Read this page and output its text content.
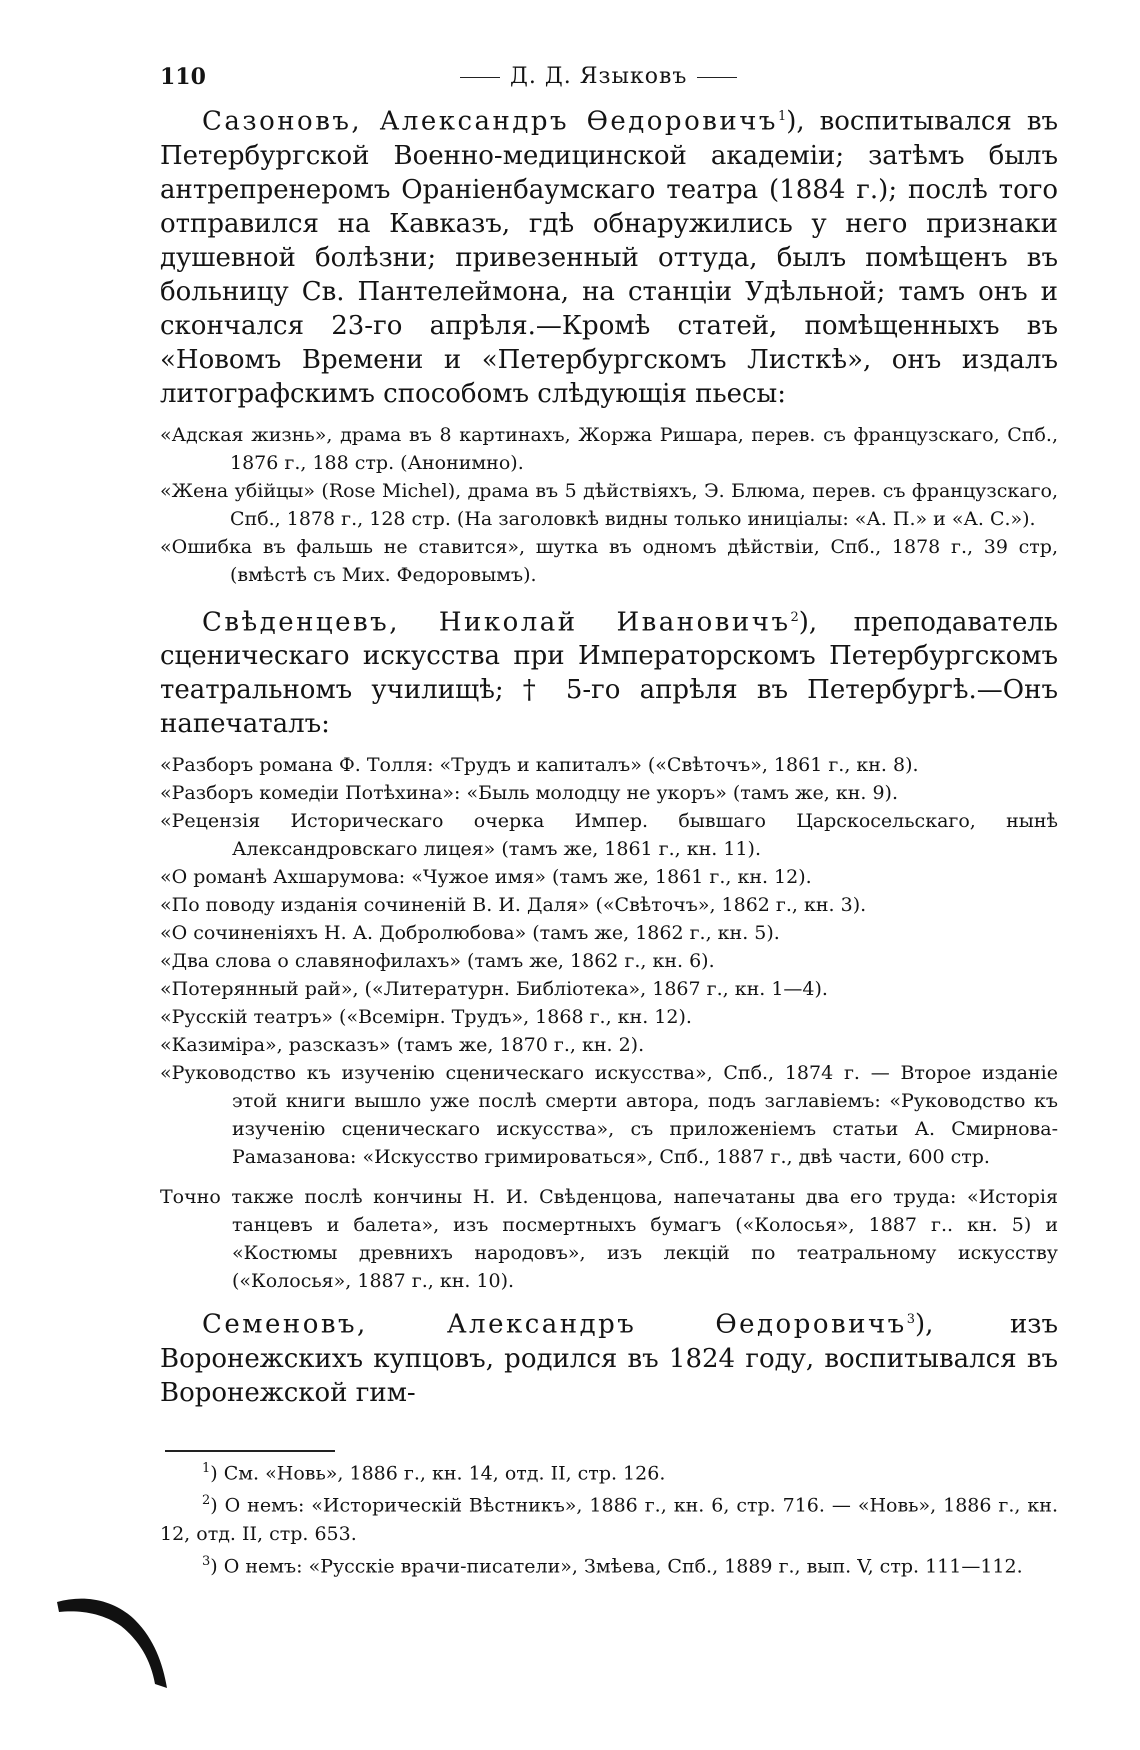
110	Д. Д. Языковъ

Сазоновъ, Александръ Өедоровичъ$^1$), воспитывался въ Петербургской Военно-медицинской академіи; затѣмъ былъ антрепренеромъ Ораніенбаумскаго театра (1884 г.); послѣ того отправился на Кавказъ, гдѣ обнаружились у него признаки душевной болѣзни; привезенный оттуда, былъ помѣщенъ въ больницу Св. Пантелеймона, на станціи Удѣльной; тамъ онъ и скончался 23-го апрѣля.—Кромѣ статей, помѣщенныхъ въ «Новомъ Времени и «Петербургскомъ Листкѣ», онъ издалъ литографскимъ способомъ слѣдующія пьесы:

«Адская жизнь», драма въ 8 картинахъ, Жоржа Ришара, перев. съ французскаго, Спб., 1876 г., 188 стр. (Анонимно).
«Жена убійцы» (Rose Michel), драма въ 5 дѣйствіяхъ, Э. Блюма, перев. съ французскаго, Спб., 1878 г., 128 стр. (На заголовкѣ видны только иниціалы: «А. П.» и «А. С.»).
«Ошибка въ фальшь не ставится», шутка въ одномъ дѣйствіи, Спб., 1878 г., 39 стр, (вмѣстѣ съ Мих. Федоровымъ).

Свѣденцевъ, Николай Ивановичъ$^2$), преподаватель сценическаго искусства при Императорскомъ Петербургскомъ театральномъ училищѣ; † 5-го апрѣля въ Петербургѣ.—Онъ напечаталъ:

«Разборъ романа Ф. Толля: «Трудъ и капиталъ» («Свѣточъ», 1861 г., кн. 8).
«Разборъ комедіи Потѣхина»: «Быль молодцу не укоръ» (тамъ же, кн. 9).
«Рецензія Историческаго очерка Импер. бывшаго Царскосельскаго, нынѣ Александровскаго лицея» (тамъ же, 1861 г., кн. 11).
«О романѣ Ахшарумова: «Чужое имя» (тамъ же, 1861 г., кн. 12).
«По поводу изданія сочиненій В. И. Даля» («Свѣточъ», 1862 г., кн. 3).
«О сочиненіяхъ Н. А. Добролюбова» (тамъ же, 1862 г., кн. 5).
«Два слова о славянофилахъ» (тамъ же, 1862 г., кн. 6).
«Потерянный рай», («Литературн. Библіотека», 1867 г., кн. 1—4).
«Русскій театръ» («Всемірн. Трудъ», 1868 г., кн. 12).
«Казиміра», разсказъ» (тамъ же, 1870 г., кн. 2).
«Руководство къ изученію сценическаго искусства», Спб., 1874 г. — Второе изданіе этой книги вышло уже послѣ смерти автора, подъ заглавіемъ: «Руководство къ изученію сценическаго искусства», съ приложеніемъ статьи А. Смирнова-Рамазанова: «Искусство гримироваться», Спб., 1887 г., двѣ части, 600 стр.

Точно также послѣ кончины Н. И. Свѣденцова, напечатаны два его труда: «Исторія танцевъ и балета», изъ посмертныхъ бумагъ («Колосья», 1887 г.. кн. 5) и «Костюмы древнихъ народовъ», изъ лекцій по театральному искусству («Колосья», 1887 г., кн. 10).

Семеновъ, Александръ Өедоровичъ$^3$), изъ Воронежскихъ купцовъ, родился въ 1824 году, воспитывался въ Воронежской гим-

$^1$) См. «Новь», 1886 г., кн. 14, отд. II, стр. 126.

$^2$) О немъ: «Историческій Вѣстникъ», 1886 г., кн. 6, стр. 716. — «Новь», 1886 г., кн. 12, отд. II, стр. 653.

$^3$) О немъ: «Русскіе врачи-писатели», Змѣева, Спб., 1889 г., вып. V, стр. 111—112.
